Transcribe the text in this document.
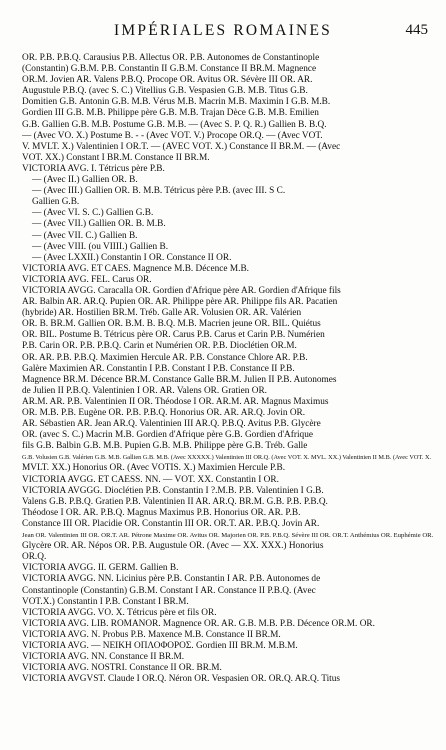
IMPÉRIALES ROMAINES	445
OR. P.B. P.B.Q. Carausius P.B. Allectus OR. P.B. Autonomes de Constantinople
(Constantin) G.B.M. P.B. Constantin II G.B.M. Constance II BR.M. Magnence
OR.M. Jovien AR. Valens P.B.Q. Procope OR. Avitus OR. Sévère III OR. AR.
Augustule P.B.Q. (avec S. C.) Vitellius G.B. Vespasien G.B. M.B. Titus G.B.
Domitien G.B. Antonin G.B. M.B. Vérus M.B. Macrin M.B. Maximin I G.B. M.B.
Gordien III G.B. M.B. Philippe père G.B. M.B. Trajan Dèce G.B. M.B. Émilien
G.B. Gallien G.B. M.B. Postume G.B. M.B. — (Avec S. P. Q. R.) Gallien B. B.Q.
— (Avec VO. X.) Postume B. - - (Avec VOT. V.) Procope OR.Q. — (Avec VOT.
V. MVLT. X.) Valentinien I OR.T. — (AVEC VOT. X.) Constance II BR.M. — (Avec
VOT. XX.) Constant I BR.M. Constance II BR.M.
VICTORIA AVG. I. Tétricus père P.B.
— (Avec II.) Gallien OR. B.
— (Avec III.) Gallien OR. B. M.B. Tétricus père P.B. (avec III. S C.
Gallien G.B.
— (Avec VI. S. C.) Gallien G.B.
— (Avec VII.) Gallien OR. B. M.B.
— (Avec VII. C.) Gallien B.
— (Avec VIII. (ou VIIII.) Gallien B.
— (Avec LXXII.) Constantin I OR. Constance II OR.
VICTORIA AVG. ET CAES. Magnence M.B. Décence M.B.
VICTORIA AVG. FEL. Carus OR.
VICTORIA AVGG. Caracalla OR. Gordien d'Afrique père AR. Gordien d'Afrique fils
AR. Balbin AR. AR.Q. Pupien OR. AR. Philippe père AR. Philippe fils AR. Pacatien
(hybride) AR. Hostilien BR.M. Tréb. Galle AR. Volusien OR. AR. Valérien
OR. B. BR.M. Gallien OR. B.M. B. B.Q. M.B. Macrien jeune OR. BIL. Quiétus
OR. BIL. Postume B. Tétricus père OR. Carus P.B. Carus et Carin P.B. Numérien
P.B. Carin OR. P.B. P.B.Q. Carin et Numérien OR. P.B. Dioclétien OR.M.
OR. AR. P.B. P.B.Q. Maximien Hercule AR. P.B. Constance Chlore AR. P.B.
Galère Maximien AR. Constantin I P.B. Constant I P.B. Constance II P.B.
Magnence BR.M. Décence BR.M. Constance Galle BR.M. Julien II P.B. Autonomes
de Julien II P.B.Q. Valentinien I OR. AR. Valens OR. Gratien OR.
AR.M. AR. P.B. Valentinien II OR. Théodose I OR. AR.M. AR. Magnus Maximus
OR. M.B. P.B. Eugène OR. P.B. P.B.Q. Honorius OR. AR. AR.Q. Jovin OR.
AR. Sébastien AR. Jean AR.Q. Valentinien III AR.Q. P.B.Q. Avitus P.B. Glycère
OR. (avec S. C.) Macrin M.B. Gordien d'Afrique père G.B. Gordien d'Afrique
fils G.B. Balbin G.B. M.B. Pupien G.B. M.B. Philippe père G.B. Tréb. Galle
G.B. Volusien G.B. Valérien G.B. M.B. Gallien G.B. M.B. (Avec XXXXX.) Valentinien III OR.Q. (Avec VOT. X. MVL. XX.) Valentinien II M.B. (Avec VOT. X.
MVLT. XX.) Honorius OR. (Avec VOTIS. X.) Maximien Hercule P.B.
VICTORIA AVGG. ET CAESS. NN. — VOT. XX. Constantin I OR.
VICTORIA AVGGG. Dioclétien P.B. Constantin I ?.M.B. P.B. Valentinien I G.B.
Valens G.B. P.B.Q. Gratien P.B. Valentinien II AR. AR.Q. BR.M. G.B. P.B. P.B.Q.
Théodose I OR. AR. P.B.Q. Magnus Maximus P.B. Honorius OR. AR. P.B.
Constance III OR. Placidie OR. Constantin III OR. OR.T. AR. P.B.Q. Jovin AR.
Jean OR. Valentinien III OR. OR.T. AR. Pétrone Maxime OR. Avitus OR. Majorien OR. P.B. P.B.Q. Sévère III OR. OR.T. Anthémius OR. Euphémie OR.
Glycère OR. AR. Népos OR. P.B. Augustule OR. (Avec — XX. XXX.) Honorius
OR.Q.
VICTORIA AVGG. II. GERM. Gallien B.
VICTORIA AVGG. NN. Licinius père P.B. Constantin I AR. P.B. Autonomes de
Constantinople (Constantin) G.B.M. Constant I AR. Constance II P.B.Q. (Avec
VOT.X.) Constantin I P.B. Constant I BR.M.
VICTORIA AVGG. VO. X. Tétricus père et fils OR.
VICTORIA AVG. LIB. ROMANOR. Magnence OR. AR. G.B. M.B. P.B. Décence OR.M. OR.
VICTORIA AVG. N. Probus P.B. Maxence M.B. Constance II BR.M.
VICTORIA AVG. — ΝΕΙΚΗ ΟΠΛΟΦΟΡΟΣ. Gordien III BR.M. M.B.M.
VICTORIA AVG. NN. Constance II BR.M.
VICTORIA AVG. NOSTRI. Constance II OR. BR.M.
VICTORIA AVGVST. Claude I OR.Q. Néron OR. Vespasien OR. OR.Q. AR.Q. Titus
